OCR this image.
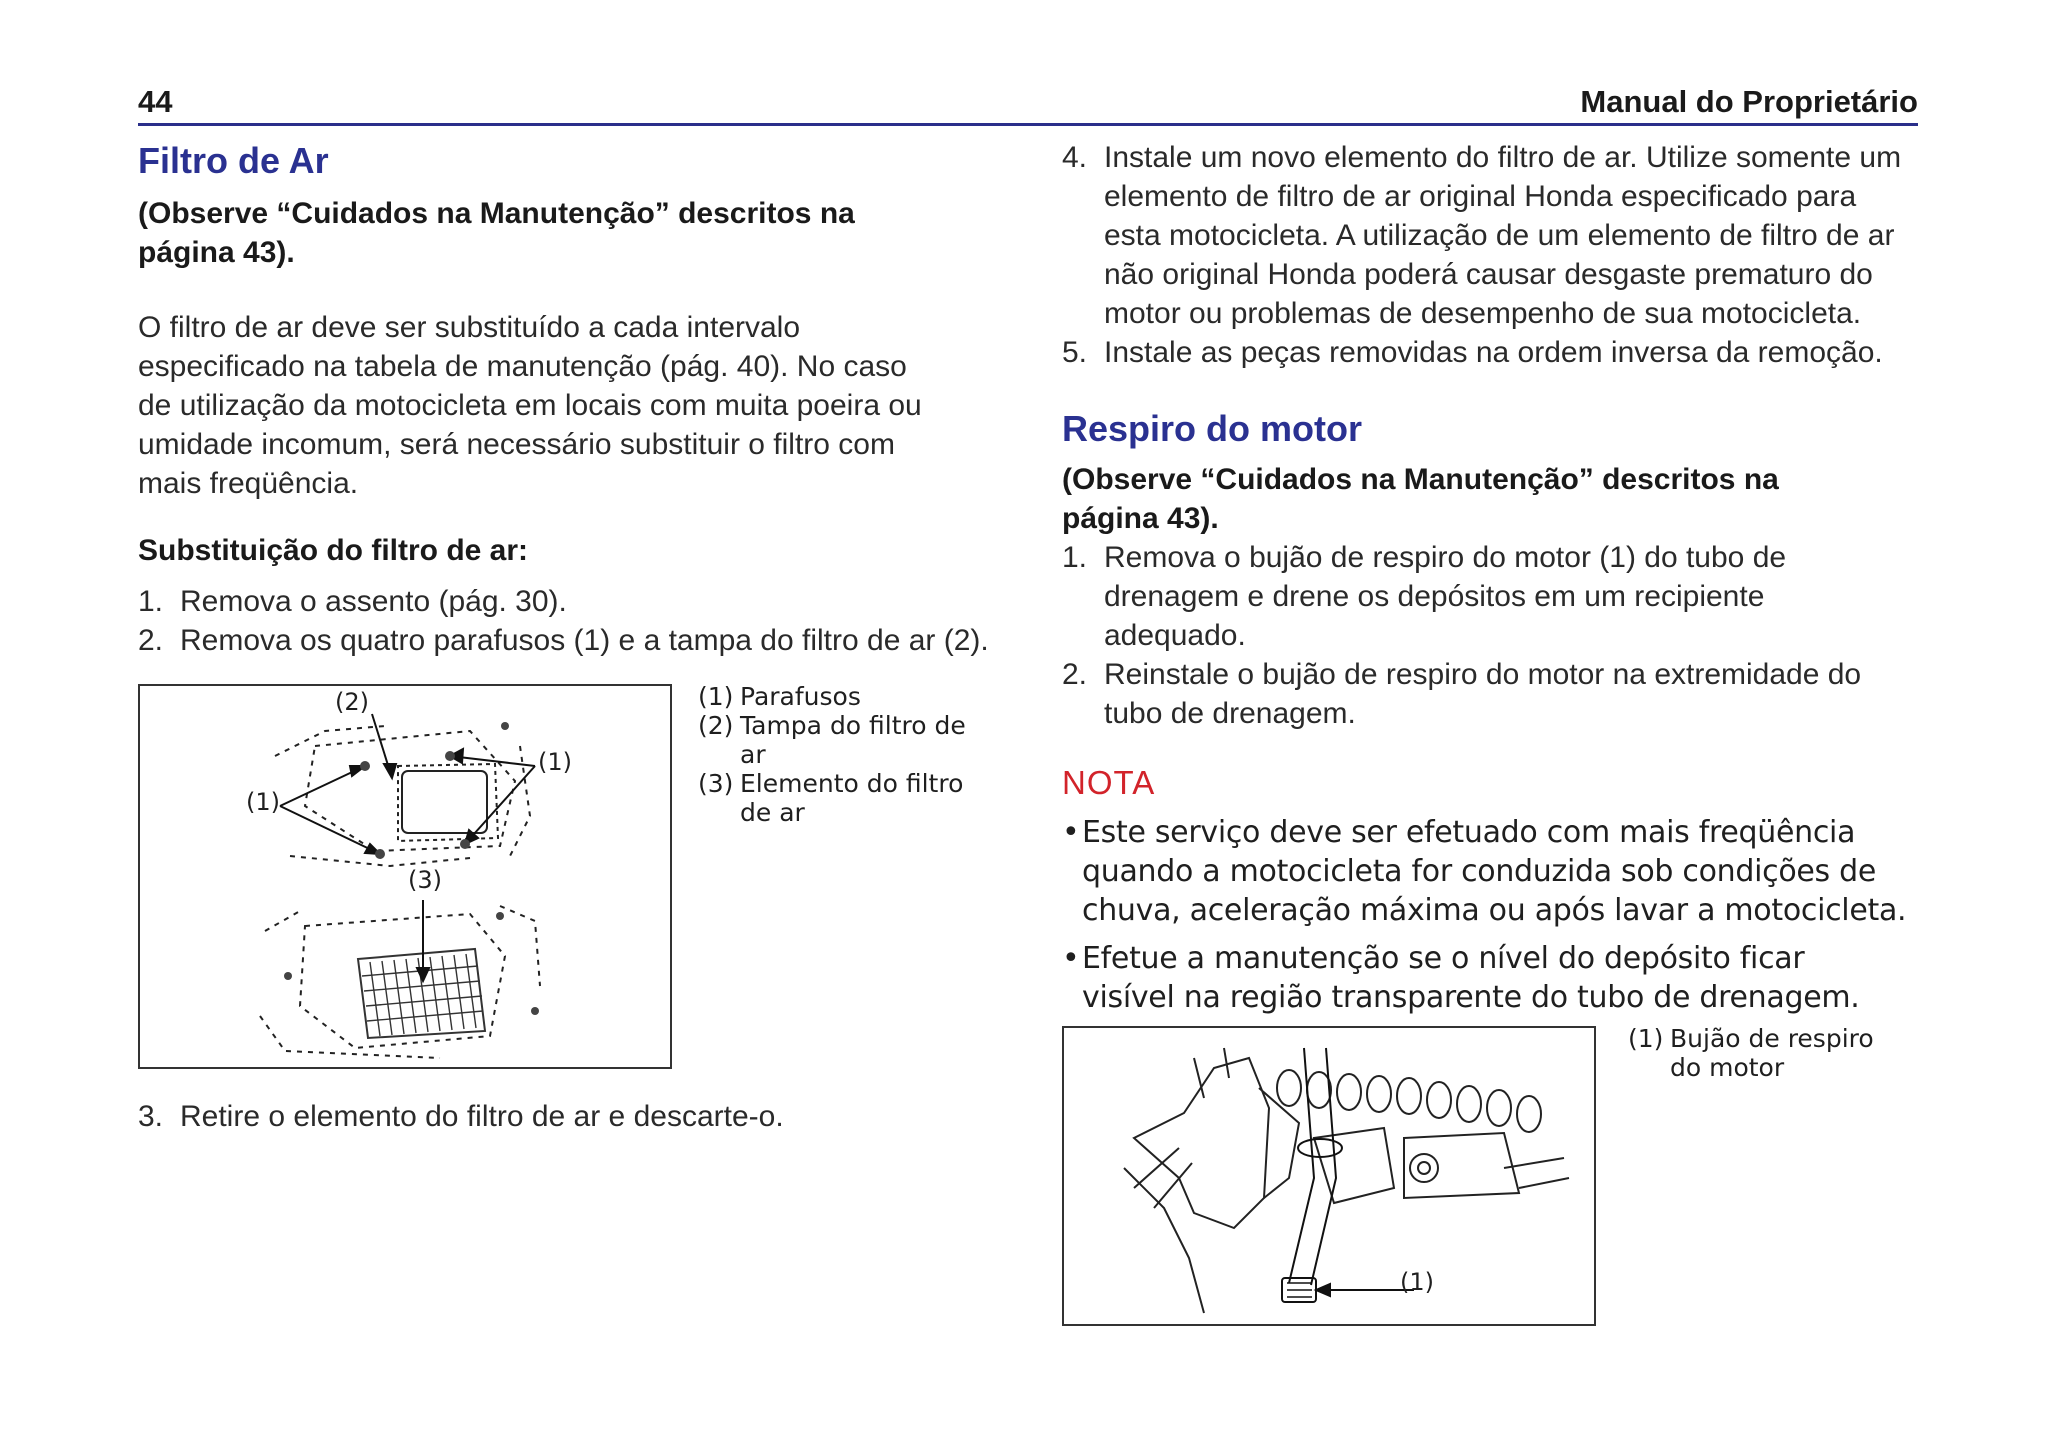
44	Manual do Proprietário
Filtro de Ar
(Observe “Cuidados na Manutenção” descritos na
página 43).
O filtro de ar deve ser substituído a cada intervalo
especificado na tabela de manutenção (pág. 40). No caso
de utilização da motocicleta em locais com muita poeira ou
umidade incomum, será necessário substituir o filtro com
mais freqüência.
Substituição do filtro de ar:
1. Remova o assento (pág. 30).
2. Remova os quatro parafusos (1) e a tampa do filtro de ar (2).
(2)
(1)
(1)
(3)
(1) Parafusos
(2) Tampa do filtro de
ar
(3) Elemento do filtro
de ar
3. Retire o elemento do filtro de ar e descarte-o.
4. Instale um novo elemento do filtro de ar. Utilize somente um
elemento de filtro de ar original Honda especificado para
esta motocicleta. A utilização de um elemento de filtro de ar
não original Honda poderá causar desgaste prematuro do
motor ou problemas de desempenho de sua motocicleta.
5. Instale as peças removidas na ordem inversa da remoção.
Respiro do motor
(Observe “Cuidados na Manutenção” descritos na
página 43).
1. Remova o bujão de respiro do motor (1) do tubo de
drenagem e drene os depósitos em um recipiente
adequado.
2. Reinstale o bujão de respiro do motor na extremidade do
tubo de drenagem.
NOTA
• Este serviço deve ser efetuado com mais freqüência
quando a motocicleta for conduzida sob condições de
chuva, aceleração máxima ou após lavar a motocicleta.
• Efetue a manutenção se o nível do depósito ficar
visível na região transparente do tubo de drenagem.
(1)
(1) Bujão de respiro
do motor
